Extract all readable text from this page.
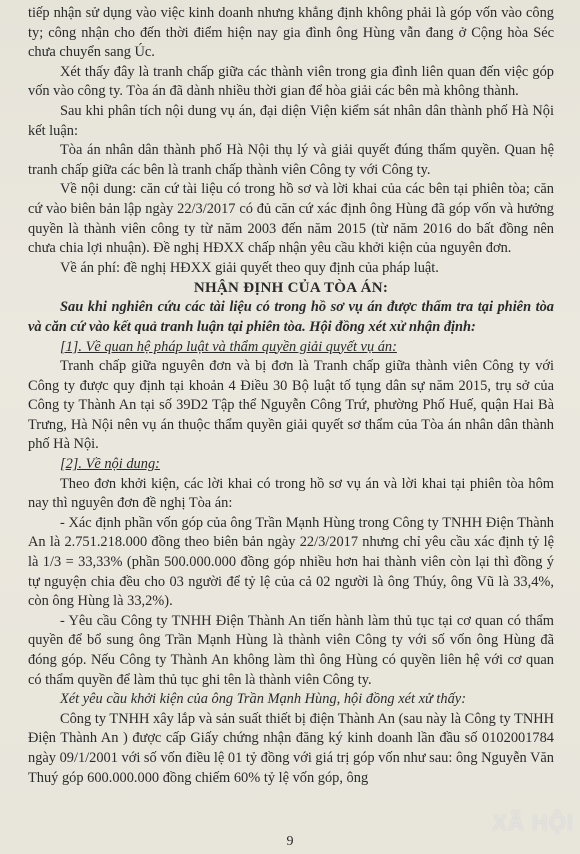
tiếp nhận sử dụng vào việc kinh doanh nhưng khẳng định không phải là góp vốn vào công ty; công nhận cho đến thời điểm hiện nay gia đình ông Hùng vẫn đang ở Cộng hòa Séc chưa chuyển sang Úc.

Xét thấy đây là tranh chấp giữa các thành viên trong gia đình liên quan đến việc góp vốn vào công ty. Tòa án đã dành nhiều thời gian để hòa giải các bên mà không thành.

Sau khi phân tích nội dung vụ án, đại diện Viện kiểm sát nhân dân thành phố Hà Nội kết luận:

Tòa án nhân dân thành phố Hà Nội thụ lý và giải quyết đúng thẩm quyền. Quan hệ tranh chấp giữa các bên là tranh chấp thành viên Công ty với Công ty.

Về nội dung: căn cứ tài liệu có trong hồ sơ và lời khai của các bên tại phiên tòa; căn cứ vào biên bản lập ngày 22/3/2017 có đủ căn cứ xác định ông Hùng đã góp vốn và hưởng quyền là thành viên công ty từ năm 2003 đến năm 2015 (từ năm 2016 do bất đồng nên chưa chia lợi nhuận). Đề nghị HĐXX chấp nhận yêu cầu khởi kiện của nguyên đơn.

Về án phí: đề nghị HĐXX giải quyết theo quy định của pháp luật.

NHẬN ĐỊNH CỦA TÒA ÁN:

Sau khi nghiên cứu các tài liệu có trong hồ sơ vụ án được thẩm tra tại phiên tòa và căn cứ vào kết quả tranh luận tại phiên tòa. Hội đồng xét xử nhận định:

[1]. Về quan hệ pháp luật và thẩm quyền giải quyết vụ án:

Tranh chấp giữa nguyên đơn và bị đơn là Tranh chấp giữa thành viên Công ty với Công ty được quy định tại khoản 4 Điều 30 Bộ luật tố tụng dân sự năm 2015, trụ sở của Công ty Thành An tại số 39D2 Tập thể Nguyễn Công Trứ, phường Phố Huế, quận Hai Bà Trưng, Hà Nội nên vụ án thuộc thẩm quyền giải quyết sơ thẩm của Tòa án nhân dân thành phố Hà Nội.

[2]. Về nội dung:

Theo đơn khởi kiện, các lời khai có trong hồ sơ vụ án và lời khai tại phiên tòa hôm nay thì nguyên đơn đề nghị Tòa án:

- Xác định phần vốn góp của ông Trần Mạnh Hùng trong Công ty TNHH Điện Thành An là 2.751.218.000 đồng theo biên bản ngày 22/3/2017 nhưng chỉ yêu cầu xác định tỷ lệ là 1/3 = 33,33% (phần 500.000.000 đồng góp nhiều hơn hai thành viên còn lại thì đồng ý tự nguyện chia đều cho 03 người để tỷ lệ của cả 02 người là ông Thúy, ông Vũ là 33,4%, còn ông Hùng là 33,2%).

- Yêu cầu Công ty TNHH Điện Thành An tiến hành làm thủ tục tại cơ quan có thẩm quyền để bổ sung ông Trần Mạnh Hùng là thành viên Công ty với số vốn ông Hùng đã đóng góp. Nếu Công ty Thành An không làm thì ông Hùng có quyền liên hệ với cơ quan có thẩm quyền để làm thủ tục ghi tên là thành viên Công ty.

Xét yêu cầu khởi kiện của ông Trần Mạnh Hùng, hội đồng xét xử thấy:

Công ty TNHH xây lắp và sản suất thiết bị điện Thành An (sau này là Công ty TNHH Điện Thành An ) được cấp Giấy chứng nhận đăng ký kinh doanh lần đầu số 0102001784 ngày 09/1/2001 với số vốn điều lệ 01 tỷ đồng với giá trị góp vốn như sau: ông Nguyễn Văn Thuý góp 600.000.000 đồng chiếm 60% tỷ lệ vốn góp, ông

XÃ HỘI
9
